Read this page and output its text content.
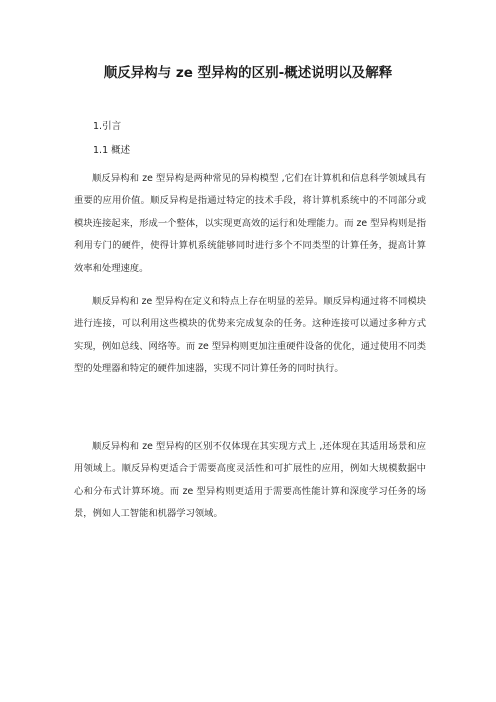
顺反异构与 ze 型异构的区别-概述说明以及解释
1.引言
1.1 概述

顺反异构和 ze 型异构是两种常见的异构模型 ,它们在计算机和信息科学领域具有重要的应用价值。顺反异构是指通过特定的技术手段，将计算机系统中的不同部分或模块连接起来，形成一个整体，以实现更高效的运行和处理能力。而 ze 型异构则是指利用专门的硬件，使得计算机系统能够同时进行多个不同类型的计算任务，提高计算效率和处理速度。

顺反异构和 ze 型异构在定义和特点上存在明显的差异。顺反异构通过将不同模块进行连接，可以利用这些模块的优势来完成复杂的任务。这种连接可以通过多种方式实现，例如总线、网络等。而 ze 型异构则更加注重硬件设备的优化，通过使用不同类型的处理器和特定的硬件加速器，实现不同计算任务的同时执行。

顺反异构和 ze 型异构的区别不仅体现在其实现方式上 ,还体现在其适用场景和应用领域上。顺反异构更适合于需要高度灵活性和可扩展性的应用，例如大规模数据中心和分布式计算环境。而 ze 型异构则更适用于需要高性能计算和深度学习任务的场景，例如人工智能和机器学习领域。
